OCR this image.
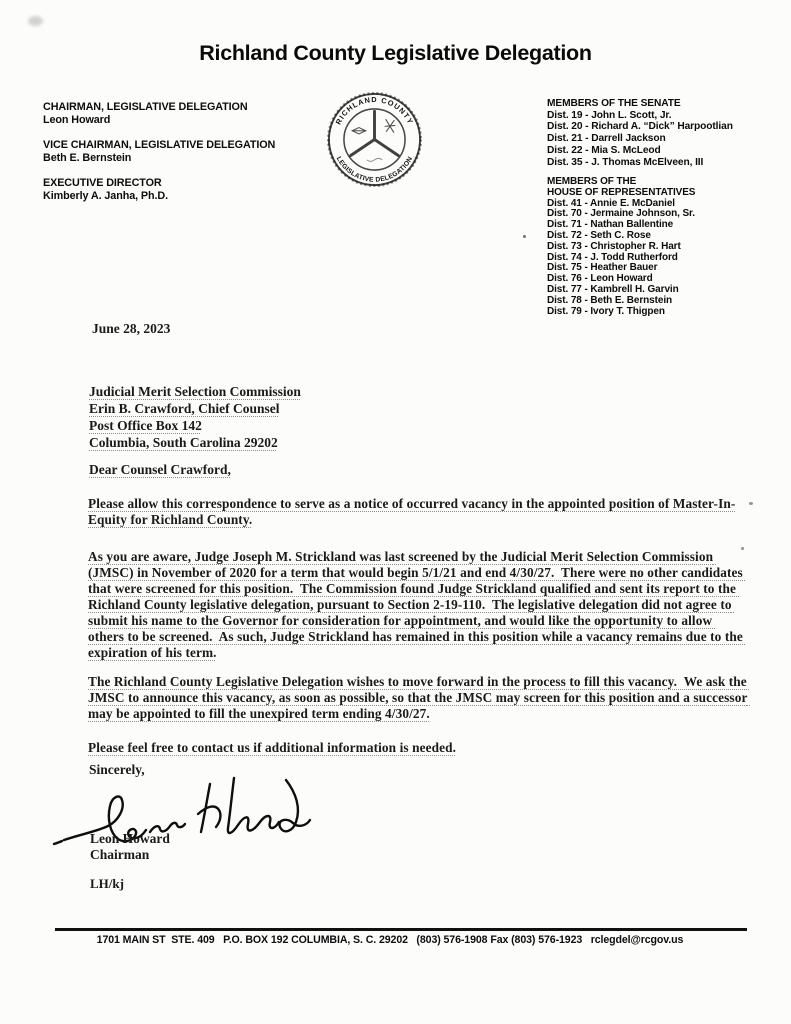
Richland County Legislative Delegation
CHAIRMAN, LEGISLATIVE DELEGATION
Leon Howard
VICE CHAIRMAN, LEGISLATIVE DELEGATION
Beth E. Bernstein
EXECUTIVE DIRECTOR
Kimberly A. Janha, Ph.D.
RICHLAND COUNTY
LEGISLATIVE DELEGATION
MEMBERS OF THE SENATE
Dist. 19 - John L. Scott, Jr.
Dist. 20 - Richard A. “Dick” Harpootlian
Dist. 21 - Darrell Jackson
Dist. 22 - Mia S. McLeod
Dist. 35 - J. Thomas McElveen, III
MEMBERS OF THE
HOUSE OF REPRESENTATIVES
Dist. 41 - Annie E. McDaniel
Dist. 70 - Jermaine Johnson, Sr.
Dist. 71 - Nathan Ballentine
Dist. 72 - Seth C. Rose
Dist. 73 - Christopher R. Hart
Dist. 74 - J. Todd Rutherford
Dist. 75 - Heather Bauer
Dist. 76 - Leon Howard
Dist. 77 - Kambrell H. Garvin
Dist. 78 - Beth E. Bernstein
Dist. 79 - Ivory T. Thigpen
June 28, 2023
Judicial Merit Selection Commission
Erin B. Crawford, Chief Counsel
Post Office Box 142
Columbia, South Carolina 29202
Dear Counsel Crawford,
Please allow this correspondence to serve as a notice of occurred vacancy in the appointed position of Master-In-Equity for Richland County.
As you are aware, Judge Joseph M. Strickland was last screened by the Judicial Merit Selection Commission (JMSC) in November of 2020 for a term that would begin 5/1/21 and end 4/30/27.  There were no other candidates that were screened for this position.  The Commission found Judge Strickland qualified and sent its report to the Richland County legislative delegation, pursuant to Section 2-19-110.  The legislative delegation did not agree to submit his name to the Governor for consideration for appointment, and would like the opportunity to allow others to be screened.  As such, Judge Strickland has remained in this position while a vacancy remains due to the expiration of his term.
The Richland County Legislative Delegation wishes to move forward in the process to fill this vacancy.  We ask the JMSC to announce this vacancy, as soon as possible, so that the JMSC may screen for this position and a successor may be appointed to fill the unexpired term ending 4/30/27.
Please feel free to contact us if additional information is needed.
Sincerely,
Leon Howard
Chairman
LH/kj
1701 MAIN ST  STE. 409   P.O. BOX 192 COLUMBIA, S. C. 29202   (803) 576-1908 Fax (803) 576-1923   rclegdel@rcgov.us
